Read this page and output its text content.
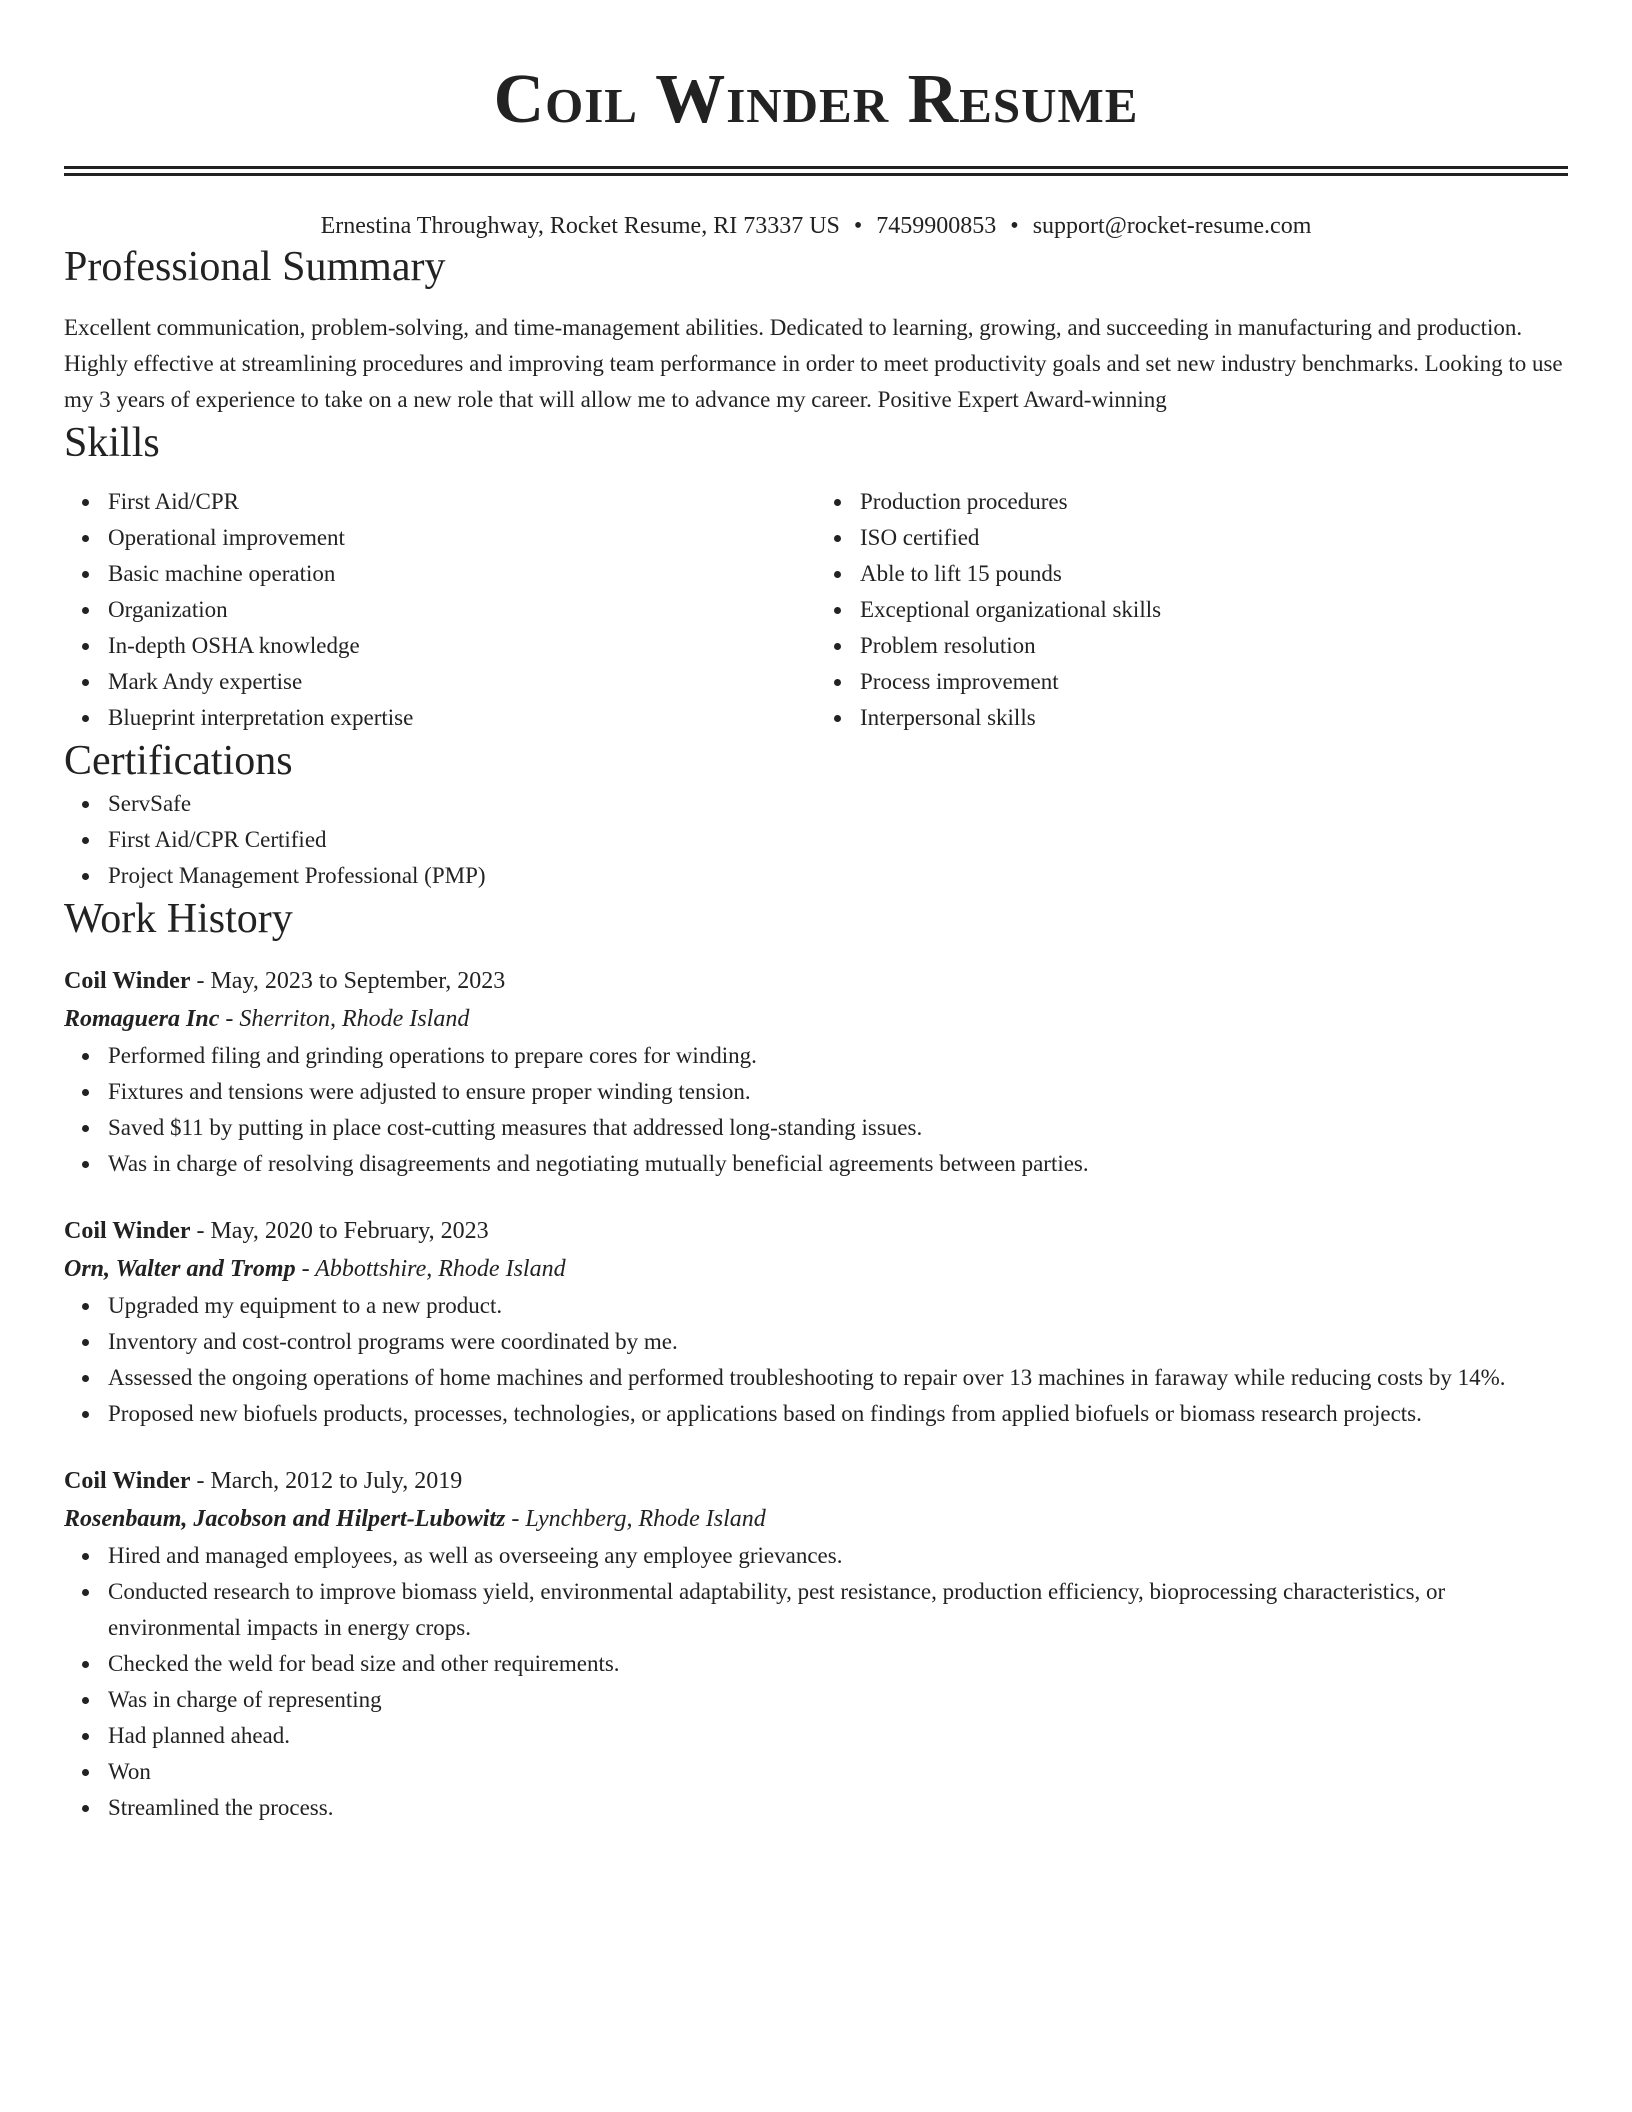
Coil Winder Resume
Ernestina Throughway, Rocket Resume, RI 73337 US • 7459900853 • support@rocket-resume.com
Professional Summary
Excellent communication, problem-solving, and time-management abilities. Dedicated to learning, growing, and succeeding in manufacturing and production. Highly effective at streamlining procedures and improving team performance in order to meet productivity goals and set new industry benchmarks. Looking to use my 3 years of experience to take on a new role that will allow me to advance my career. Positive Expert Award-winning
Skills
First Aid/CPR
Operational improvement
Basic machine operation
Organization
In-depth OSHA knowledge
Mark Andy expertise
Blueprint interpretation expertise
Production procedures
ISO certified
Able to lift 15 pounds
Exceptional organizational skills
Problem resolution
Process improvement
Interpersonal skills
Certifications
ServSafe
First Aid/CPR Certified
Project Management Professional (PMP)
Work History
Coil Winder - May, 2023 to September, 2023
Romaguera Inc - Sherriton, Rhode Island
Performed filing and grinding operations to prepare cores for winding.
Fixtures and tensions were adjusted to ensure proper winding tension.
Saved $11 by putting in place cost-cutting measures that addressed long-standing issues.
Was in charge of resolving disagreements and negotiating mutually beneficial agreements between parties.
Coil Winder - May, 2020 to February, 2023
Orn, Walter and Tromp - Abbottshire, Rhode Island
Upgraded my equipment to a new product.
Inventory and cost-control programs were coordinated by me.
Assessed the ongoing operations of home machines and performed troubleshooting to repair over 13 machines in faraway while reducing costs by 14%.
Proposed new biofuels products, processes, technologies, or applications based on findings from applied biofuels or biomass research projects.
Coil Winder - March, 2012 to July, 2019
Rosenbaum, Jacobson and Hilpert-Lubowitz - Lynchberg, Rhode Island
Hired and managed employees, as well as overseeing any employee grievances.
Conducted research to improve biomass yield, environmental adaptability, pest resistance, production efficiency, bioprocessing characteristics, or environmental impacts in energy crops.
Checked the weld for bead size and other requirements.
Was in charge of representing
Had planned ahead.
Won
Streamlined the process.
